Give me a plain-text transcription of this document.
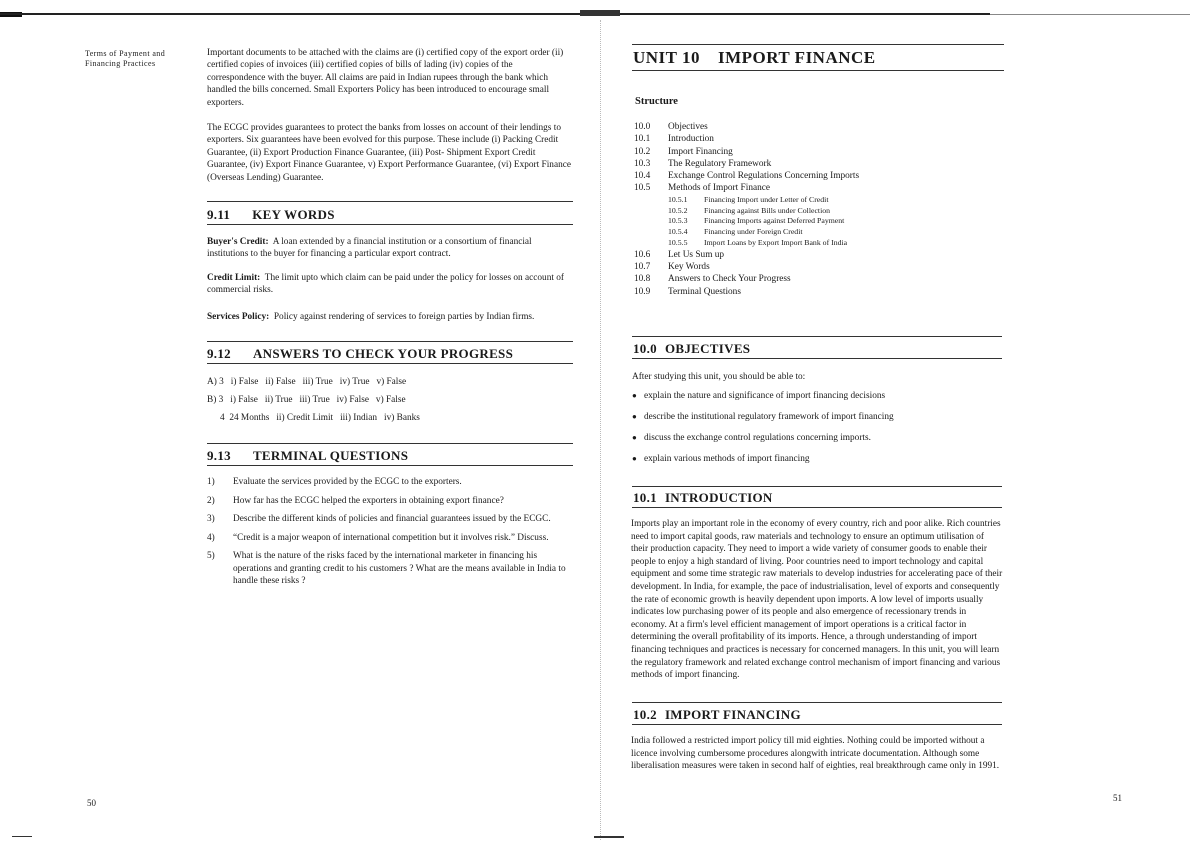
Terms of Payment and Financing Practices
Important documents to be attached with the claims are (i) certified copy of the export order (ii) certified copies of invoices (iii) certified copies of bills of lading (iv) copies of the correspondence with the buyer. All claims are paid in Indian rupees through the bank which handled the bills concerned. Small Exporters Policy has been introduced to encourage small exporters.
The ECGC provides guarantees to protect the banks from losses on account of their lendings to exporters. Six guarantees have been evolved for this purpose. These include (i) Packing Credit Guarantee, (ii) Export Production Finance Guarantee, (iii) Post- Shipment Export Credit Guarantee, (iv) Export Finance Guarantee, v) Export Performance Guarantee, (vi) Export Finance (Overseas Lending) Guarantee.
9.11 KEY WORDS
Buyer's Credit: A loan extended by a financial institution or a consortium of financial institutions to the buyer for financing a particular export contract.
Credit Limit: The limit upto which claim can be paid under the policy for losses on account of commercial risks.
Services Policy: Policy against rendering of services to foreign parties by Indian firms.
9.12 ANSWERS TO CHECK YOUR PROGRESS
A) 3 i) False   ii) False   iii) True   iv) True   v) False
B) 3 i) False   ii) True   iii) True   iv) False   v) False
4 24 Months   ii) Credit Limit   iii) Indian   iv) Banks
9.13 TERMINAL QUESTIONS
1)	Evaluate the services provided by the ECGC to the exporters.
2)	How far has the ECGC helped the exporters in obtaining export finance?
3)	Describe the different kinds of policies and financial guarantees issued by the ECGC.
4)	“Credit is a major weapon of international competition but it involves risk.” Discuss.
5)	What is the nature of the risks faced by the international marketer in financing his operations and granting credit to his customers ? What are the means available in India to handle these risks ?
50
UNIT 10 IMPORT FINANCE
Structure
10.0	Objectives
10.1	Introduction
10.2	Import Financing
10.3	The Regulatory Framework
10.4	Exchange Control Regulations Concerning Imports
10.5	Methods of Import Finance
10.5.1	Financing Import under Letter of Credit
10.5.2	Financing against Bills under Collection
10.5.3	Financing Imports against Deferred Payment
10.5.4	Financing under Foreign Credit
10.5.5	Import Loans by Export Import Bank of India
10.6	Let Us Sum up
10.7	Key Words
10.8	Answers to Check Your Progress
10.9	Terminal Questions
10.0 OBJECTIVES
After studying this unit, you should be able to:
● explain the nature and significance of import financing decisions
● describe the institutional regulatory framework of import financing
● discuss the exchange control regulations concerning imports.
● explain various methods of import financing
10.1 INTRODUCTION
Imports play an important role in the economy of every country, rich and poor alike. Rich countries need to import capital goods, raw materials and technology to ensure an optimum utilisation of their production capacity. They need to import a wide variety of consumer goods to enable their people to enjoy a high standard of living. Poor countries need to import technology and capital equipment and some time strategic raw materials to develop industries for accelerating pace of their development. In India, for example, the pace of industrialisation, level of exports and consequently the rate of economic growth is heavily dependent upon imports. A low level of imports usually indicates low purchasing power of its people and also emergence of recessionary trends in economy. At a firm's level efficient management of import operations is a critical factor in determining the overall profitability of its imports. Hence, a through understanding of import financing techniques and practices is necessary for concerned managers. In this unit, you will learn the regulatory framework and related exchange control mechanism of import financing and various methods of import financing.
10.2 IMPORT FINANCING
India followed a restricted import policy till mid eighties. Nothing could be imported without a licence involving cumbersome procedures alongwith intricate documentation. Although some liberalisation measures were taken in second half of eighties, real breakthrough came only in 1991.
51
